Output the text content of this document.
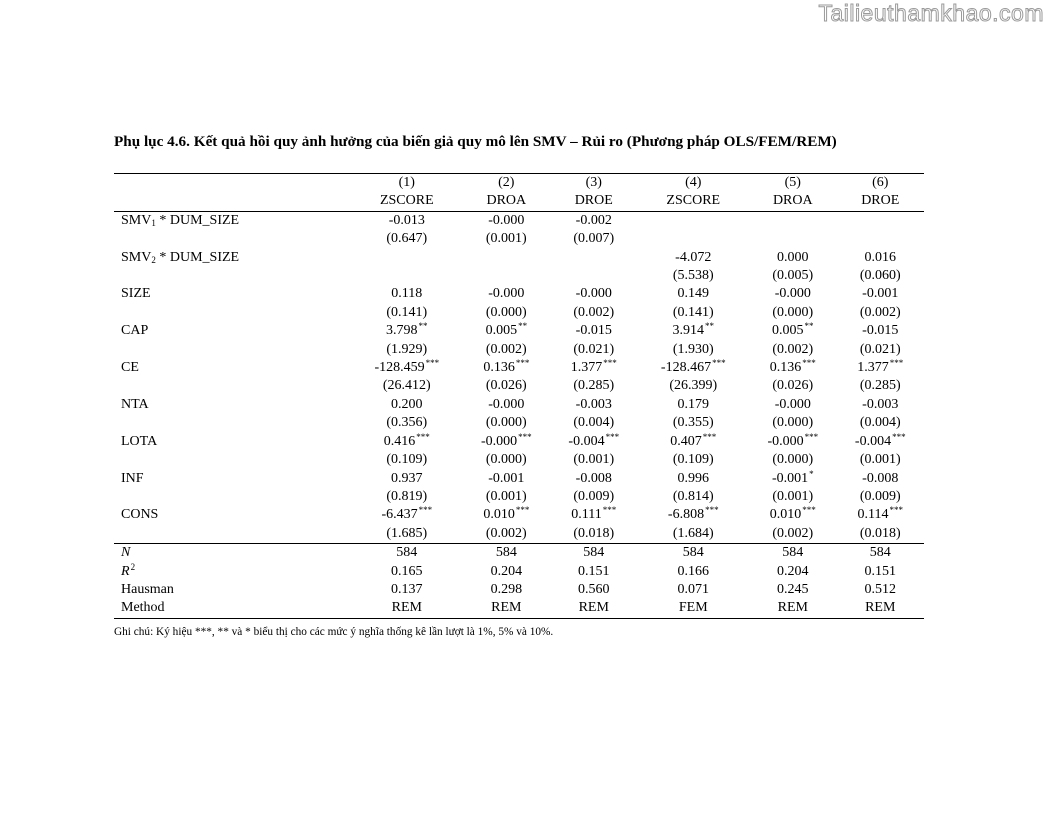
Tailieuthamkhao.com
Phụ lục 4.6. Kết quả hồi quy ảnh hưởng của biến giả quy mô lên SMV – Rủi ro (Phương pháp OLS/FEM/REM)
	(1)	(2)	(3)	(4)	(5)	(6)
	ZSCORE	DROA	DROE	ZSCORE	DROA	DROE
$SMV_1$ * DUM_SIZE	-0.013	-0.000	-0.002			
	(0.647)	(0.001)	(0.007)			
$SMV_2$ * DUM_SIZE				-4.072	0.000	0.016
				(5.538)	(0.005)	(0.060)
SIZE	0.118	-0.000	-0.000	0.149	-0.000	-0.001
	(0.141)	(0.000)	(0.002)	(0.141)	(0.000)	(0.002)
CAP	3.798**	0.005**	-0.015	3.914**	0.005**	-0.015
	(1.929)	(0.002)	(0.021)	(1.930)	(0.002)	(0.021)
CE	-128.459***	0.136***	1.377***	-128.467***	0.136***	1.377***
	(26.412)	(0.026)	(0.285)	(26.399)	(0.026)	(0.285)
NTA	0.200	-0.000	-0.003	0.179	-0.000	-0.003
	(0.356)	(0.000)	(0.004)	(0.355)	(0.000)	(0.004)
LOTA	0.416***	-0.000***	-0.004***	0.407***	-0.000***	-0.004***
	(0.109)	(0.000)	(0.001)	(0.109)	(0.000)	(0.001)
INF	0.937	-0.001	-0.008	0.996	-0.001*	-0.008
	(0.819)	(0.001)	(0.009)	(0.814)	(0.001)	(0.009)
CONS	-6.437***	0.010***	0.111***	-6.808***	0.010***	0.114***
	(1.685)	(0.002)	(0.018)	(1.684)	(0.002)	(0.018)
N	584	584	584	584	584	584
$R^2$	0.165	0.204	0.151	0.166	0.204	0.151
Hausman	0.137	0.298	0.560	0.071	0.245	0.512
Method	REM	REM	REM	FEM	REM	REM
Ghi chú: Ký hiệu ***, ** và * biểu thị cho các mức ý nghĩa thống kê lần lượt là 1%, 5% và 10%.
